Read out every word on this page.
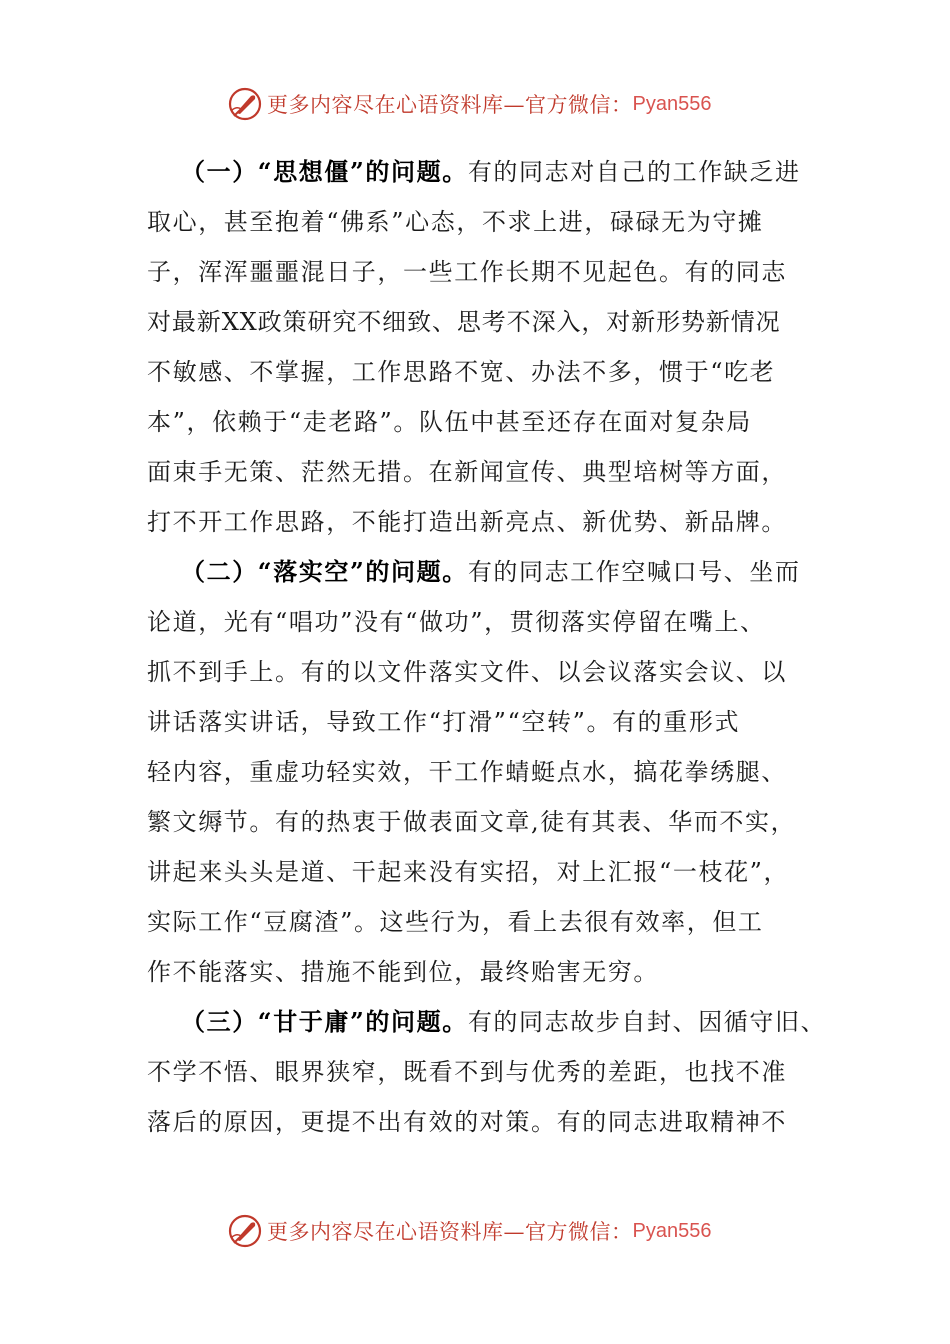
更多内容尽在心语资料库—官方微信： Pyan556
（一）“思想僵”的问题。有的同志对自己的工作缺乏进
取心，甚至抱着“佛系”心态，不求上进，碌碌无为守摊
子，浑浑噩噩混日子，一些工作长期不见起色。有的同志
对最新XX政策研究不细致、思考不深入，对新形势新情况
不敏感、不掌握，工作思路不宽、办法不多，惯于“吃老
本”，依赖于“走老路”。队伍中甚至还存在面对复杂局
面束手无策、茫然无措。在新闻宣传、典型培树等方面，
打不开工作思路，不能打造出新亮点、新优势、新品牌。
（二）“落实空”的问题。有的同志工作空喊口号、坐而
论道，光有“唱功”没有“做功”，贯彻落实停留在嘴上、
抓不到手上。有的以文件落实文件、以会议落实会议、以
讲话落实讲话，导致工作“打滑”“空转”。有的重形式
轻内容，重虚功轻实效，干工作蜻蜓点水，搞花拳绣腿、
繁文缛节。有的热衷于做表面文章,徒有其表、华而不实，
讲起来头头是道、干起来没有实招，对上汇报“一枝花”，
实际工作“豆腐渣”。这些行为，看上去很有效率，但工
作不能落实、措施不能到位，最终贻害无穷。
（三）“甘于庸”的问题。有的同志故步自封、因循守旧、
不学不悟、眼界狭窄，既看不到与优秀的差距，也找不准
落后的原因，更提不出有效的对策。有的同志进取精神不
更多内容尽在心语资料库—官方微信： Pyan556
